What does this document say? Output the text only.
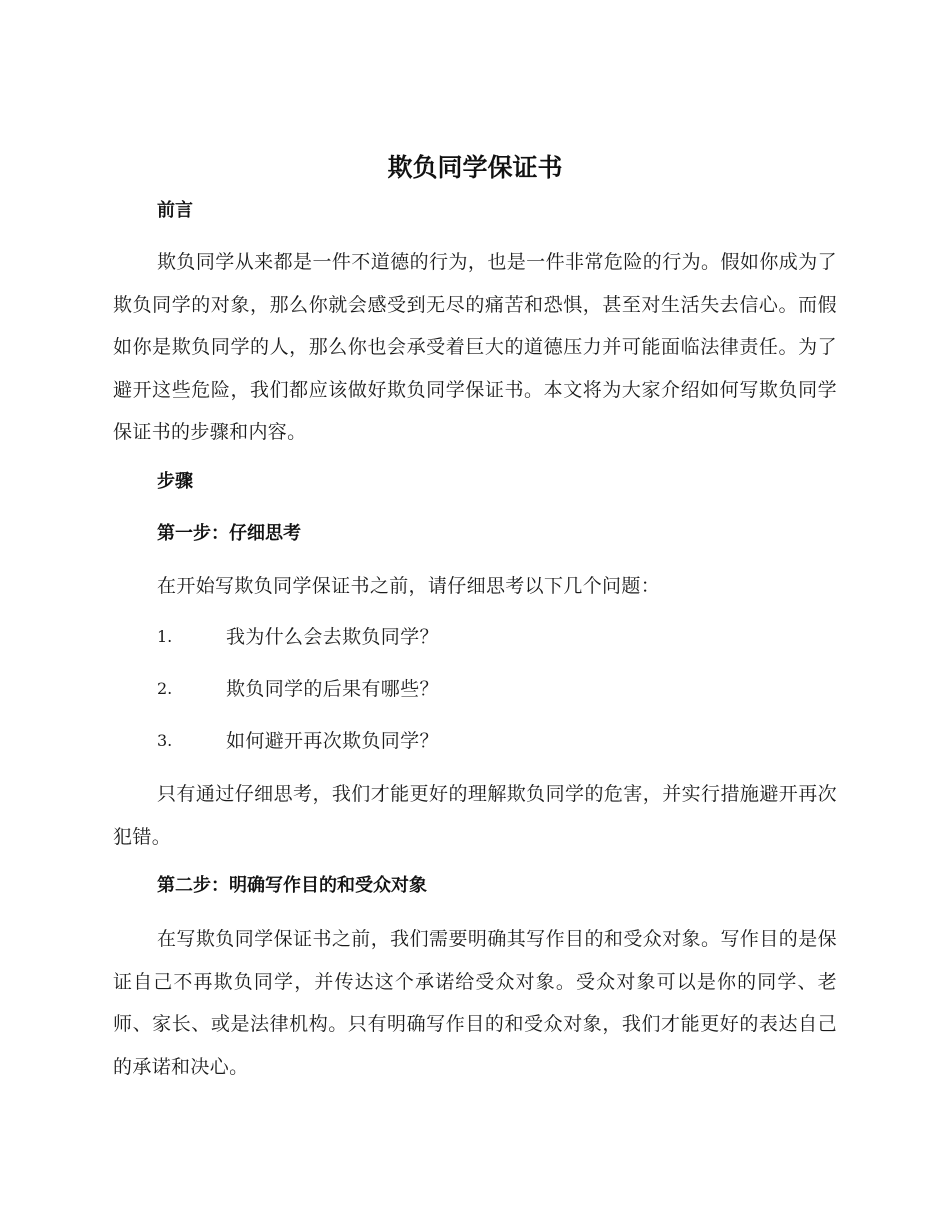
欺负同学保证书
前言

欺负同学从来都是一件不道德的行为，也是一件非常危险的行为。假如你成为了欺负同学的对象，那么你就会感受到无尽的痛苦和恐惧，甚至对生活失去信心。而假如你是欺负同学的人，那么你也会承受着巨大的道德压力并可能面临法律责任。为了避开这些危险，我们都应该做好欺负同学保证书。本文将为大家介绍如何写欺负同学保证书的步骤和内容。

步骤
第一步：仔细思考
在开始写欺负同学保证书之前，请仔细思考以下几个问题：
1.	我为什么会去欺负同学？
2.	欺负同学的后果有哪些？
3.	如何避开再次欺负同学？

只有通过仔细思考，我们才能更好的理解欺负同学的危害，并实行措施避开再次犯错。

第二步：明确写作目的和受众对象

在写欺负同学保证书之前，我们需要明确其写作目的和受众对象。写作目的是保证自己不再欺负同学，并传达这个承诺给受众对象。受众对象可以是你的同学、老师、家长、或是法律机构。只有明确写作目的和受众对象，我们才能更好的表达自己的承诺和决心。
